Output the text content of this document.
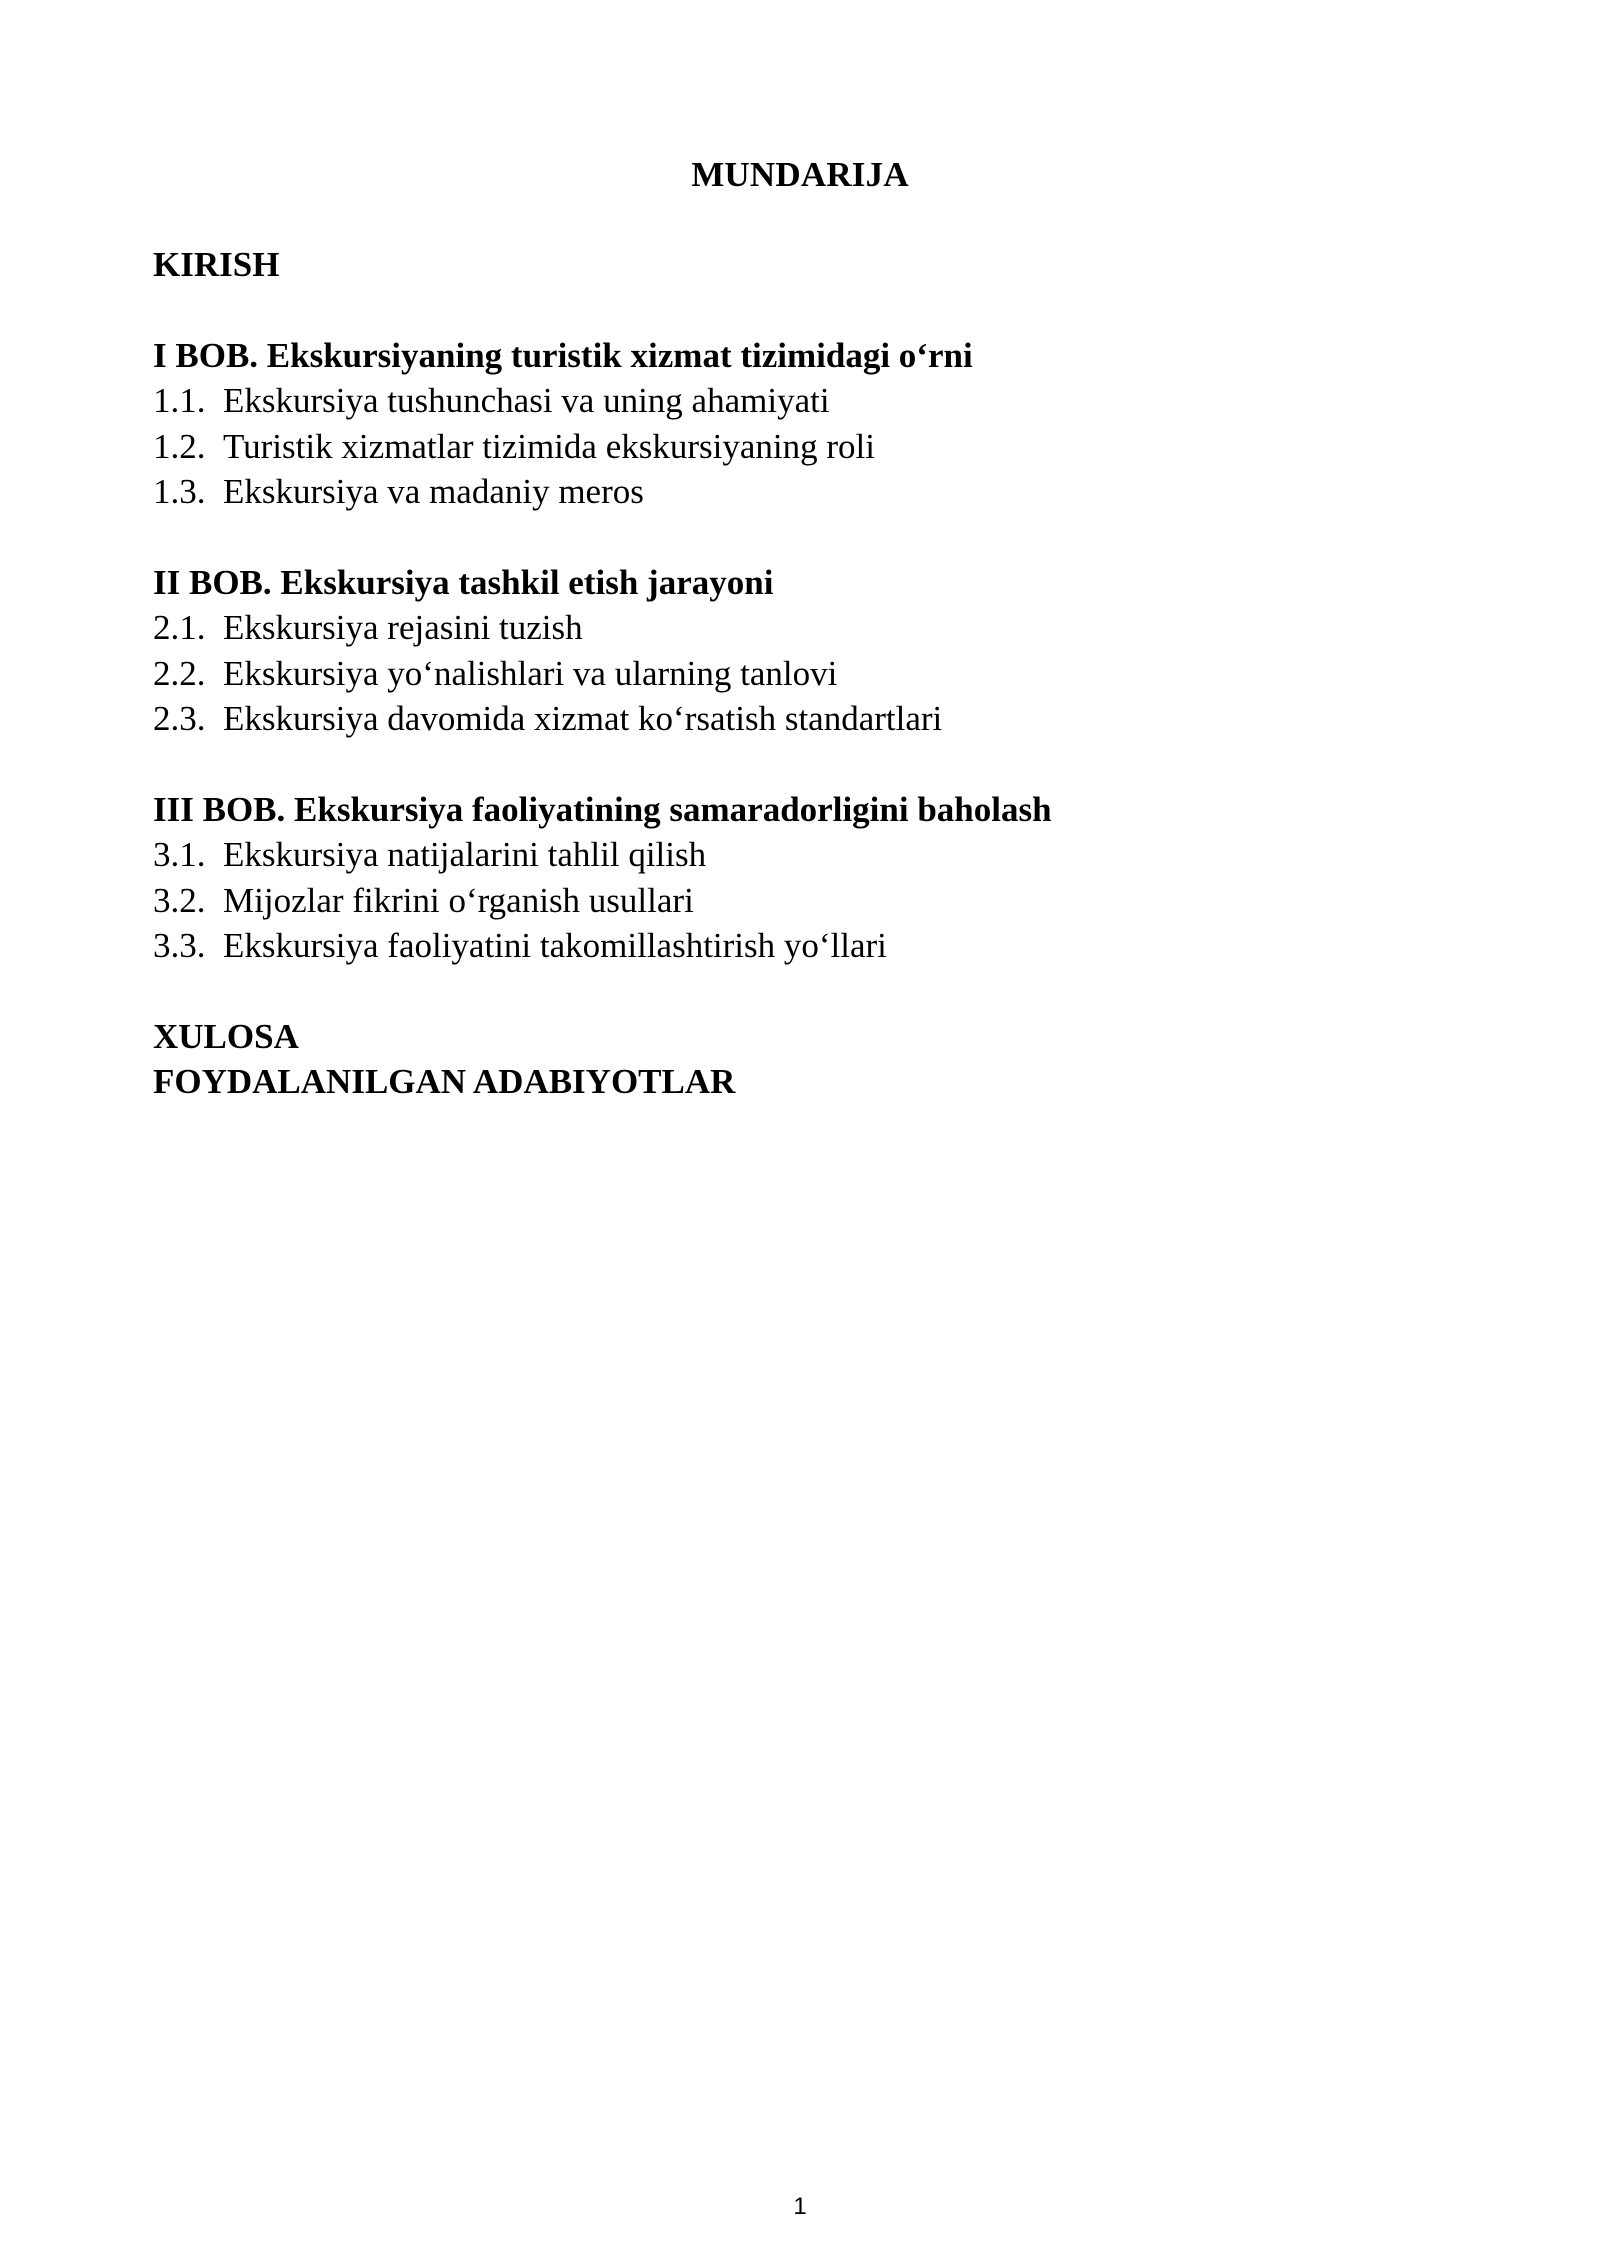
MUNDARIJA
KIRISH
I BOB. Ekskursiyaning turistik xizmat tizimidagi o‘rni
1.1. Ekskursiya tushunchasi va uning ahamiyati
1.2. Turistik xizmatlar tizimida ekskursiyaning roli
1.3. Ekskursiya va madaniy meros
II BOB. Ekskursiya tashkil etish jarayoni
2.1. Ekskursiya rejasini tuzish
2.2. Ekskursiya yo‘nalishlari va ularning tanlovi
2.3. Ekskursiya davomida xizmat ko‘rsatish standartlari
III BOB. Ekskursiya faoliyatining samaradorligini baholash
3.1. Ekskursiya natijalarini tahlil qilish
3.2. Mijozlar fikrini o‘rganish usullari
3.3. Ekskursiya faoliyatini takomillashtirish yo‘llari
XULOSA
FOYDALANILGAN ADABIYOTLAR
1
